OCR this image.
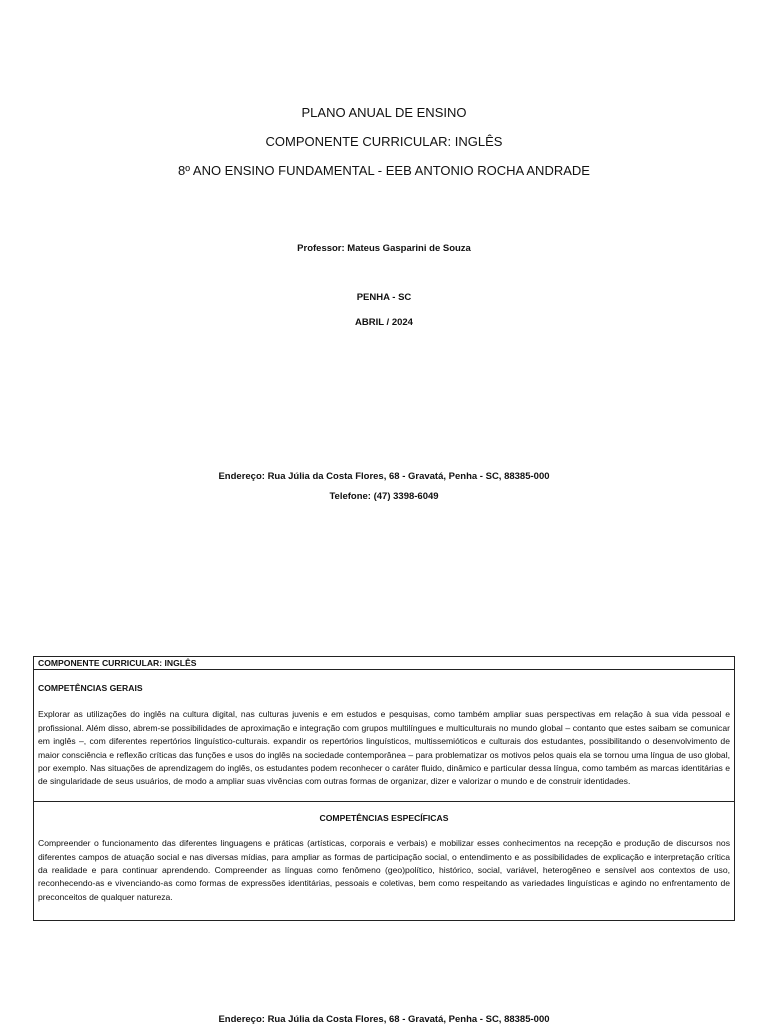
PLANO ANUAL DE ENSINO
COMPONENTE CURRICULAR: INGLÊS
8º ANO ENSINO FUNDAMENTAL - EEB ANTONIO ROCHA ANDRADE
Professor: Mateus Gasparini de Souza
PENHA - SC
ABRIL / 2024
Endereço: Rua Júlia da Costa Flores, 68 - Gravatá, Penha - SC, 88385-000
Telefone: (47) 3398-6049
COMPONENTE CURRICULAR: INGLÊS
COMPETÊNCIAS GERAIS
Explorar as utilizações do inglês na cultura digital, nas culturas juvenis e em estudos e pesquisas, como também ampliar suas perspectivas em relação à sua vida pessoal e profissional. Além disso, abrem-se possibilidades de aproximação e integração com grupos multilíngues e multiculturais no mundo global – contanto que estes saibam se comunicar em inglês –, com diferentes repertórios linguístico-culturais. expandir os repertórios linguísticos, multissemióticos e culturais dos estudantes, possibilitando o desenvolvimento de maior consciência e reflexão críticas das funções e usos do inglês na sociedade contemporânea – para problematizar os motivos pelos quais ela se tornou uma língua de uso global, por exemplo. Nas situações de aprendizagem do inglês, os estudantes podem reconhecer o caráter fluido, dinâmico e particular dessa língua, como também as marcas identitárias e de singularidade de seus usuários, de modo a ampliar suas vivências com outras formas de organizar, dizer e valorizar o mundo e de construir identidades.
COMPETÊNCIAS ESPECÍFICAS
Compreender o funcionamento das diferentes linguagens e práticas (artísticas, corporais e verbais) e mobilizar esses conhecimentos na recepção e produção de discursos nos diferentes campos de atuação social e nas diversas mídias, para ampliar as formas de participação social, o entendimento e as possibilidades de explicação e interpretação crítica da realidade e para continuar aprendendo. Compreender as línguas como fenômeno (geo)político, histórico, social, variável, heterogêneo e sensível aos contextos de uso, reconhecendo-as e vivenciando-as como formas de expressões identitárias, pessoais e coletivas, bem como respeitando as variedades linguísticas e agindo no enfrentamento de preconceitos de qualquer natureza.
Endereço: Rua Júlia da Costa Flores, 68 - Gravatá, Penha - SC, 88385-000
